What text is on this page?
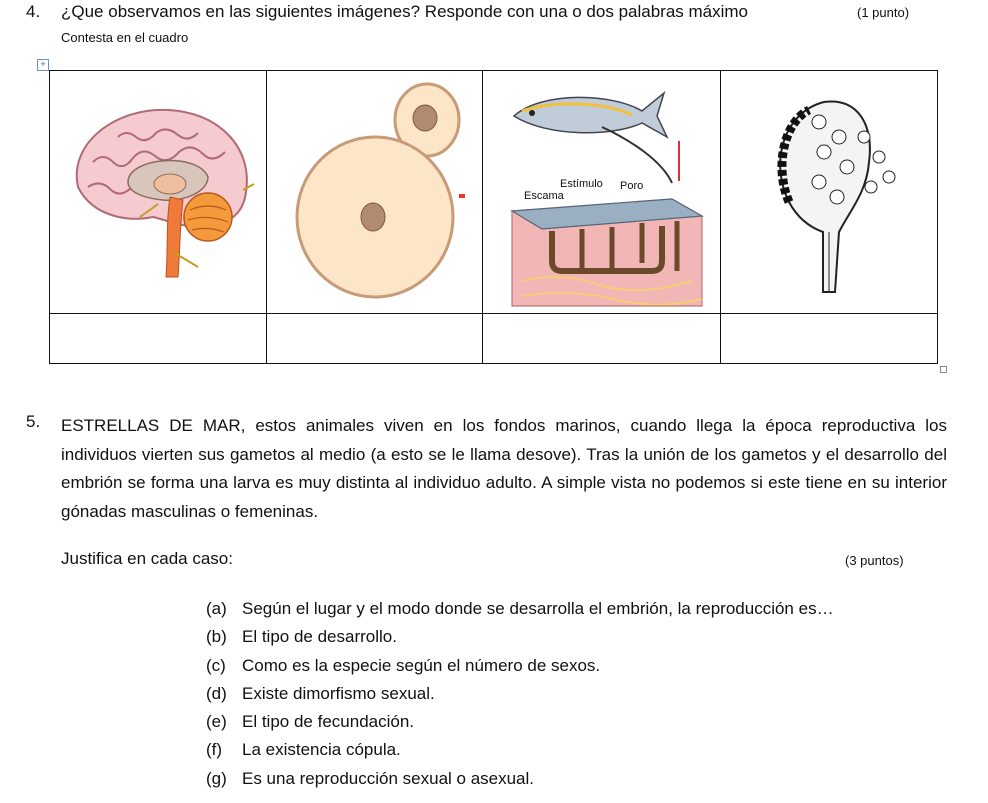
4. ¿Que observamos en las siguientes imágenes? Responde con una o dos palabras máximo	(1 punto)
Contesta en el cuadro
+

Estímulo Poro
Escama

5. ESTRELLAS DE MAR, estos animales viven en los fondos marinos, cuando llega la época reproductiva los individuos vierten sus gametos al medio (a esto se le llama desove). Tras la unión de los gametos y el desarrollo del embrión se forma una larva es muy distinta al individuo adulto. A simple vista no podemos si este tiene en su interior gónadas masculinas o femeninas.
Justifica en cada caso:	(3 puntos)
(a) Según el lugar y el modo donde se desarrolla el embrión, la reproducción es…
(b) El tipo de desarrollo.
(c) Como es la especie según el número de sexos.
(d) Existe dimorfismo sexual.
(e) El tipo de fecundación.
(f) La existencia cópula.
(g) Es una reproducción sexual o asexual.
